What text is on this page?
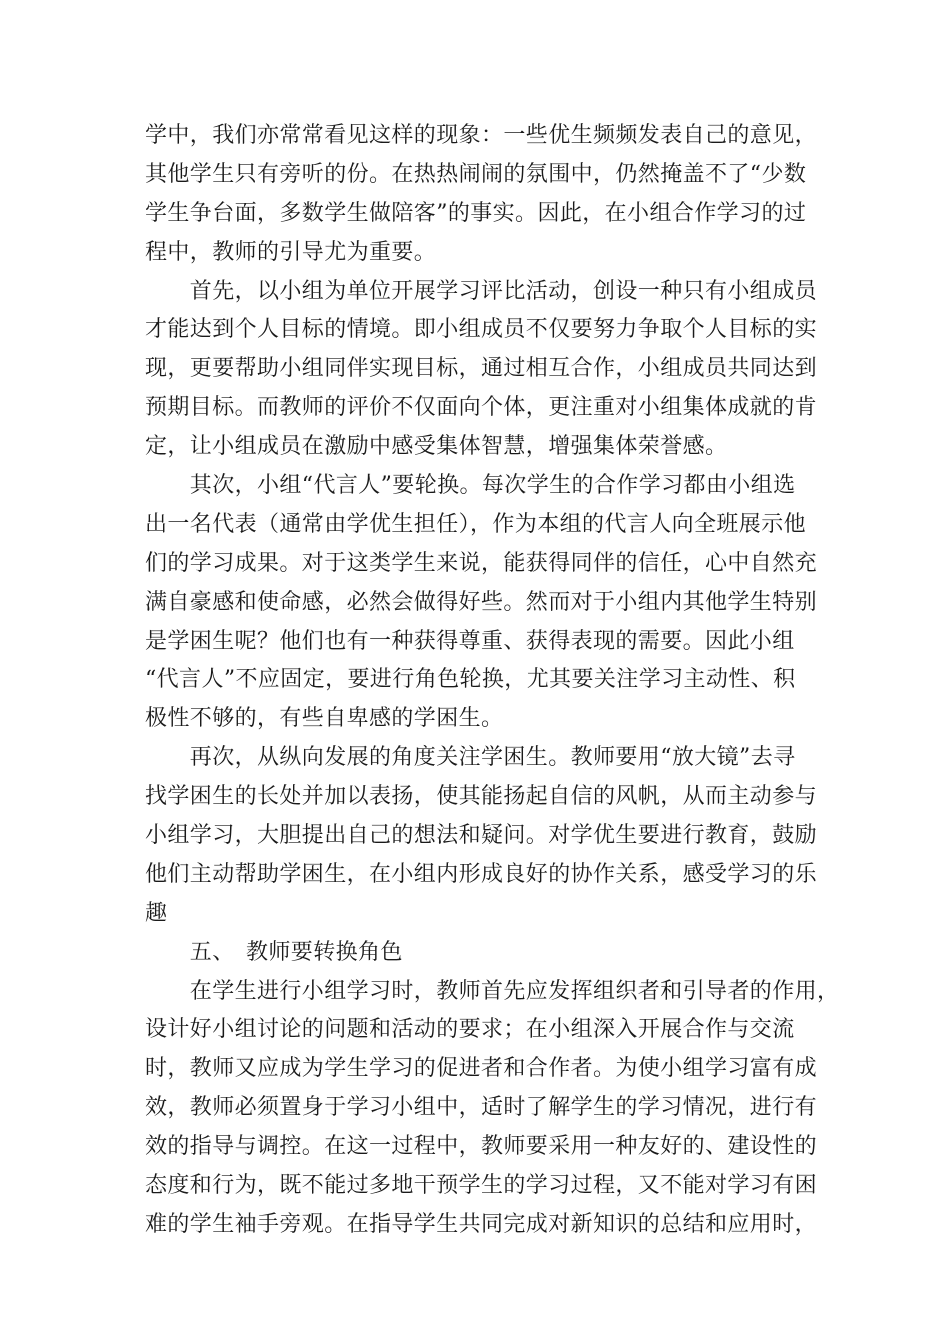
学中，我们亦常常看见这样的现象：一些优生频频发表自己的意见，
其他学生只有旁听的份。在热热闹闹的氛围中，仍然掩盖不了“少数
学生争台面，多数学生做陪客”的事实。因此，在小组合作学习的过
程中，教师的引导尤为重要。
　　首先，以小组为单位开展学习评比活动，创设一种只有小组成员
才能达到个人目标的情境。即小组成员不仅要努力争取个人目标的实
现，更要帮助小组同伴实现目标，通过相互合作，小组成员共同达到
预期目标。而教师的评价不仅面向个体，更注重对小组集体成就的肯
定，让小组成员在激励中感受集体智慧，增强集体荣誉感。
　　其次，小组“代言人”要轮换。每次学生的合作学习都由小组选
出一名代表（通常由学优生担任），作为本组的代言人向全班展示他
们的学习成果。对于这类学生来说，能获得同伴的信任，心中自然充
满自豪感和使命感，必然会做得好些。然而对于小组内其他学生特别
是学困生呢？他们也有一种获得尊重、获得表现的需要。因此小组
“代言人”不应固定，要进行角色轮换，尤其要关注学习主动性、积
极性不够的，有些自卑感的学困生。
　　再次，从纵向发展的角度关注学困生。教师要用“放大镜”去寻
找学困生的长处并加以表扬，使其能扬起自信的风帆，从而主动参与
小组学习，大胆提出自己的想法和疑问。对学优生要进行教育，鼓励
他们主动帮助学困生，在小组内形成良好的协作关系，感受学习的乐
趣
　　五、　教师要转换角色
　　在学生进行小组学习时，教师首先应发挥组织者和引导者的作用，
设计好小组讨论的问题和活动的要求；在小组深入开展合作与交流
时，教师又应成为学生学习的促进者和合作者。为使小组学习富有成
效，教师必须置身于学习小组中，适时了解学生的学习情况，进行有
效的指导与调控。在这一过程中，教师要采用一种友好的、建设性的
态度和行为，既不能过多地干预学生的学习过程，又不能对学习有困
难的学生袖手旁观。在指导学生共同完成对新知识的总结和应用时，
